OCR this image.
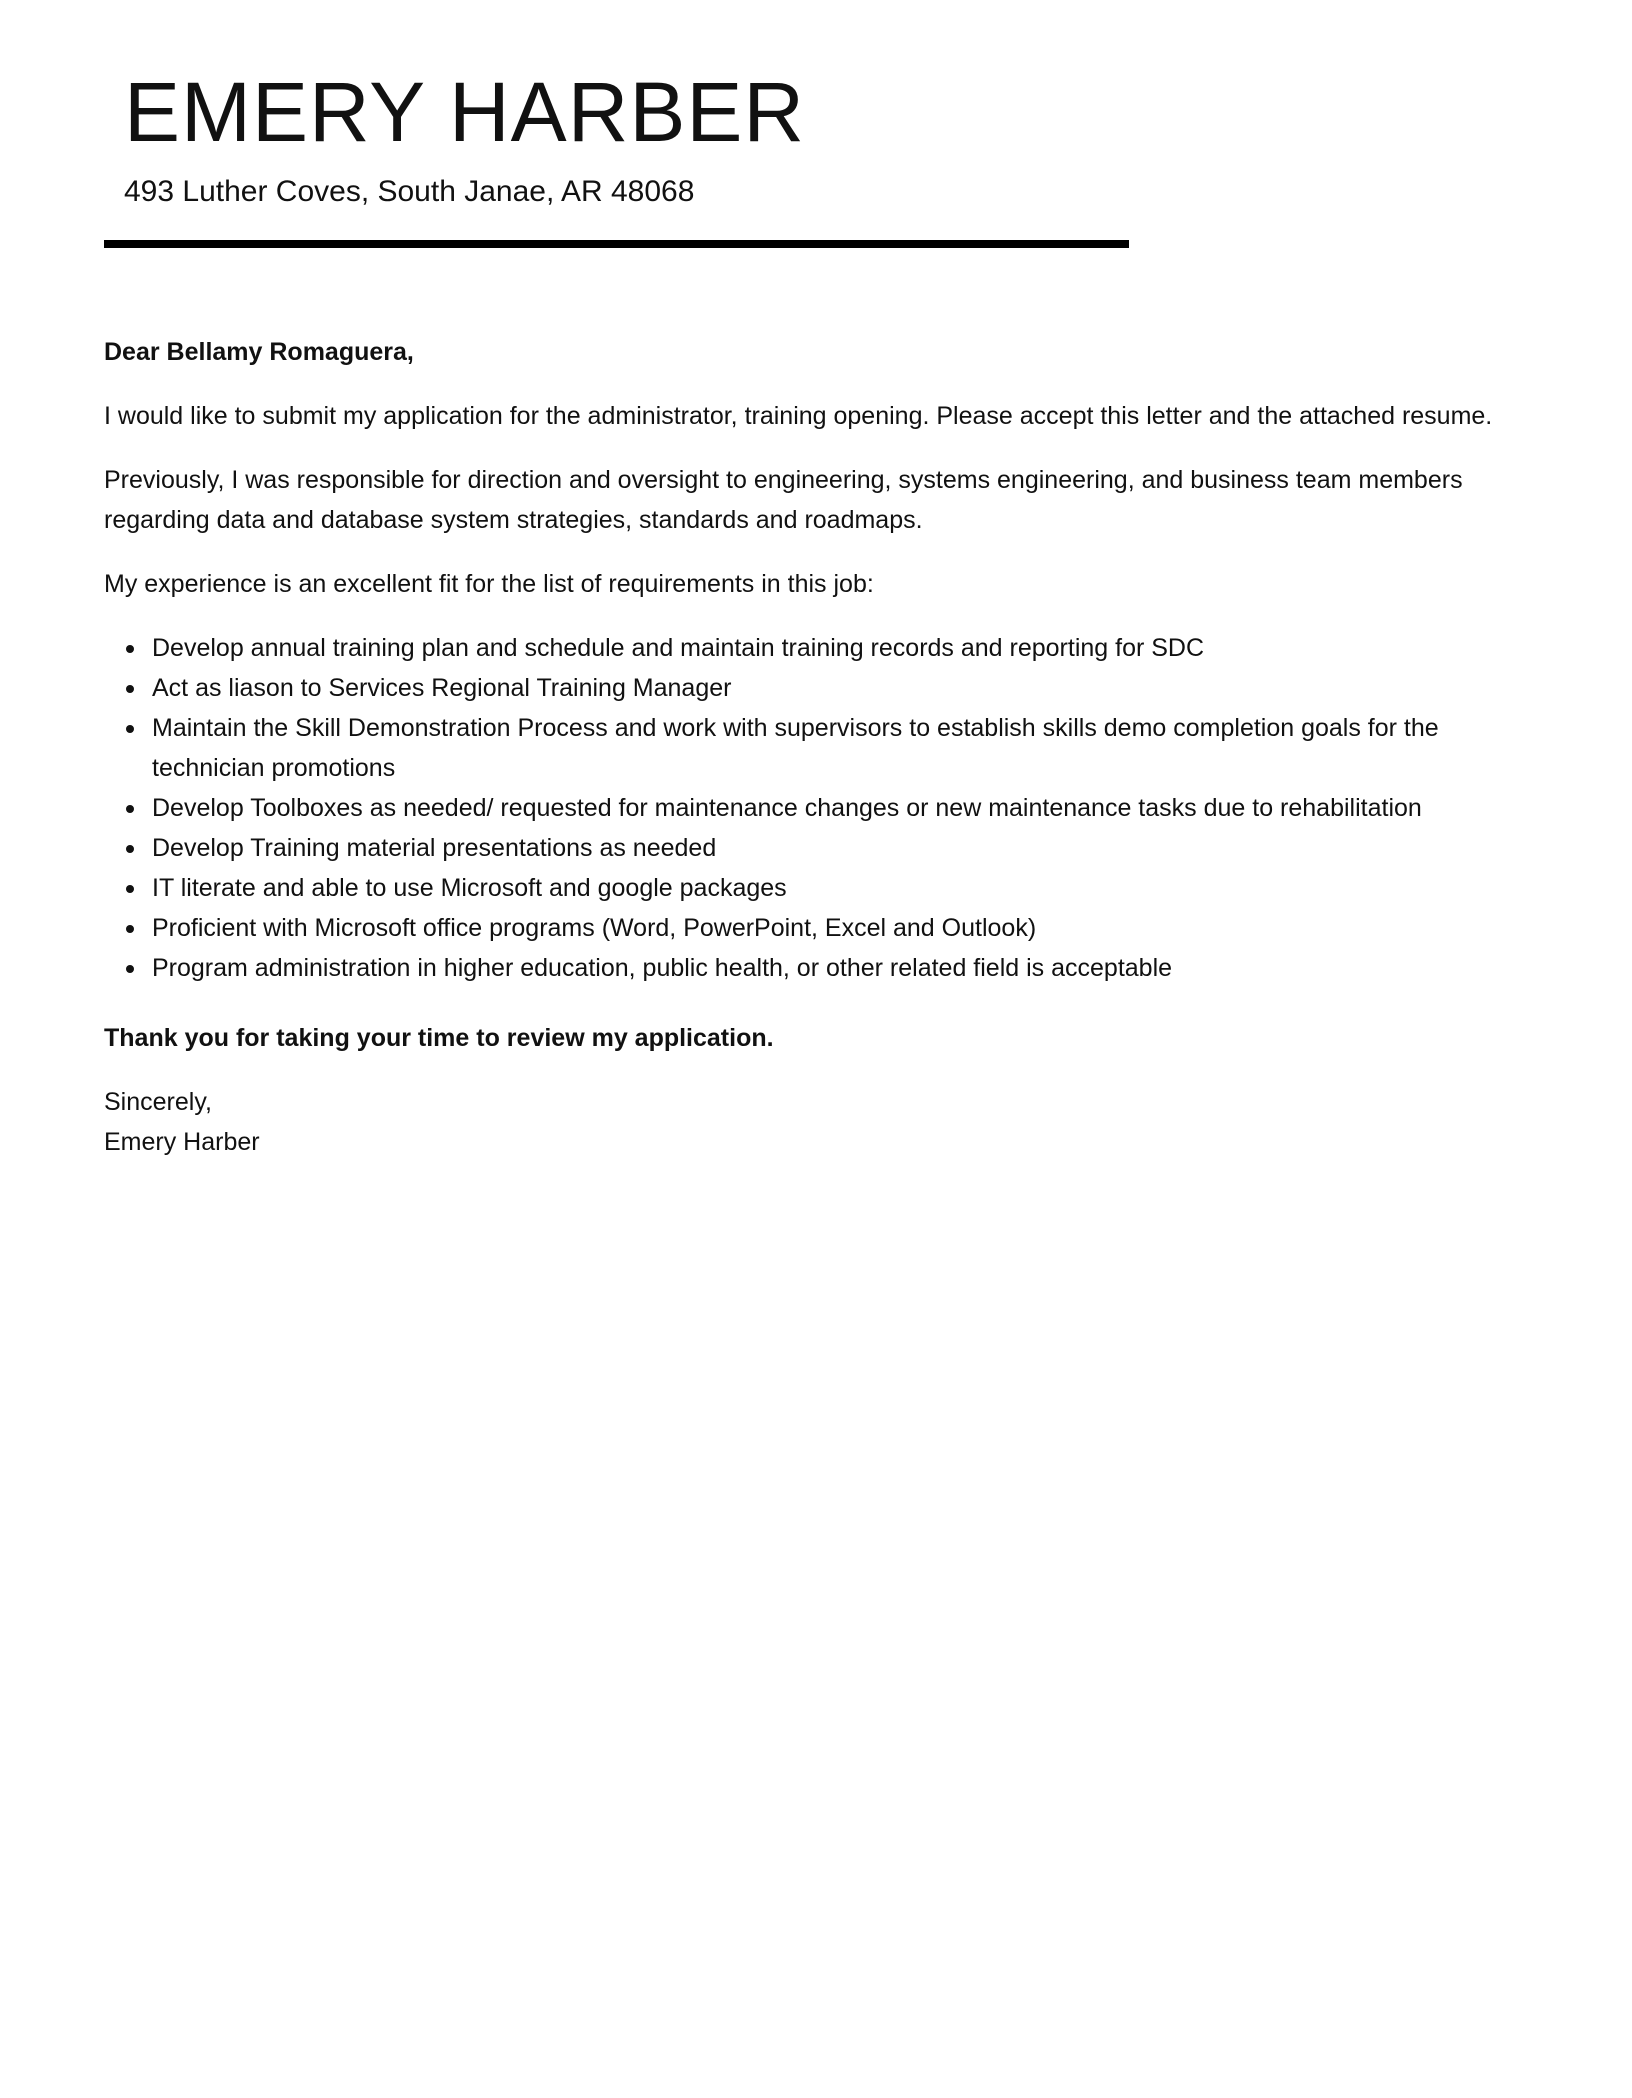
EMERY HARBER
493 Luther Coves, South Janae, AR 48068

Dear Bellamy Romaguera,

I would like to submit my application for the administrator, training opening. Please accept this letter and the attached resume.

Previously, I was responsible for direction and oversight to engineering, systems engineering, and business team members regarding data and database system strategies, standards and roadmaps.

My experience is an excellent fit for the list of requirements in this job:

Develop annual training plan and schedule and maintain training records and reporting for SDC
Act as liason to Services Regional Training Manager
Maintain the Skill Demonstration Process and work with supervisors to establish skills demo completion goals for the technician promotions
Develop Toolboxes as needed/ requested for maintenance changes or new maintenance tasks due to rehabilitation
Develop Training material presentations as needed
IT literate and able to use Microsoft and google packages
Proficient with Microsoft office programs (Word, PowerPoint, Excel and Outlook)
Program administration in higher education, public health, or other related field is acceptable

Thank you for taking your time to review my application.

Sincerely,

Emery Harber
